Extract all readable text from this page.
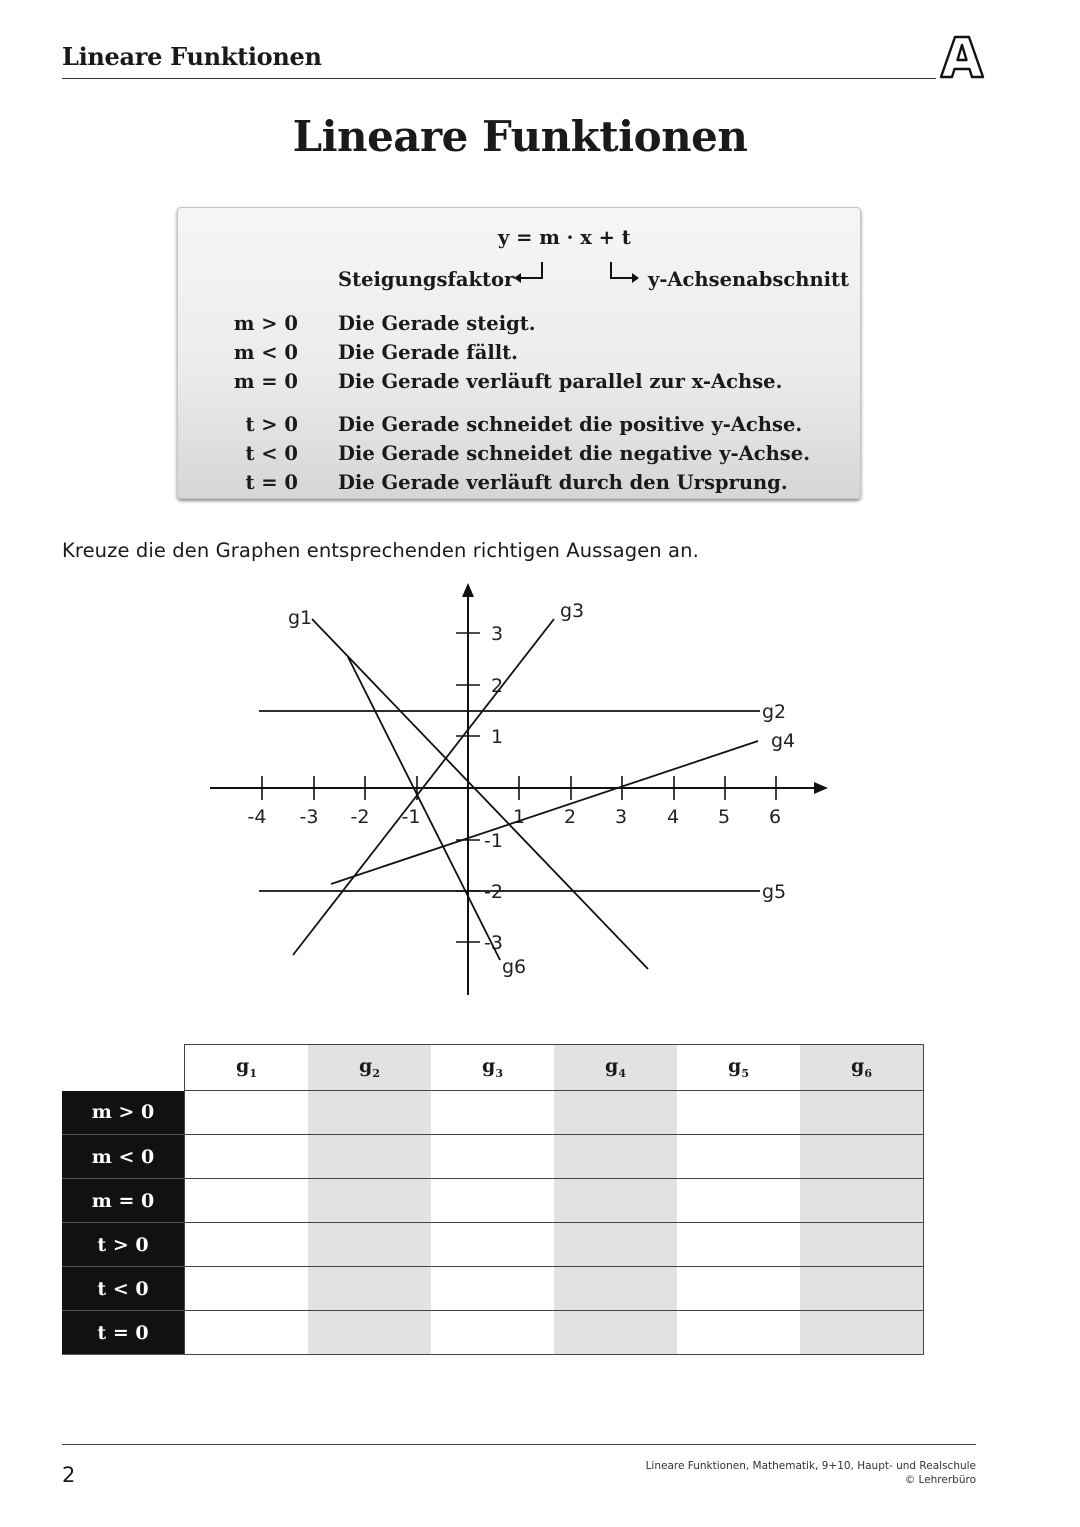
Lineare Funktionen
Lineare Funktionen
y = m · x + t
Steigungsfaktor	y-Achsenabschnitt
m > 0 Die Gerade steigt.
m < 0 Die Gerade fällt.
m = 0 Die Gerade verläuft parallel zur x-Achse.
t > 0 Die Gerade schneidet die positive y-Achse.
t < 0 Die Gerade schneidet die negative y-Achse.
t = 0 Die Gerade verläuft durch den Ursprung.
Kreuze die den Graphen entsprechenden richtigen Aussagen an.
-4 -3 -2 -1	1 2 3 4 5 6
3
2
1
-1
-2
-3
g1
g2
g3
g4
g5
g6
	$g_1$	$g_2$	$g_3$	$g_4$	$g_5$	$g_6$
m > 0						
m < 0						
m = 0						
t > 0						
t < 0						
t = 0						
2	Lineare Funktionen, Mathematik, 9+10, Haupt- und Realschule
© Lehrerbüro
